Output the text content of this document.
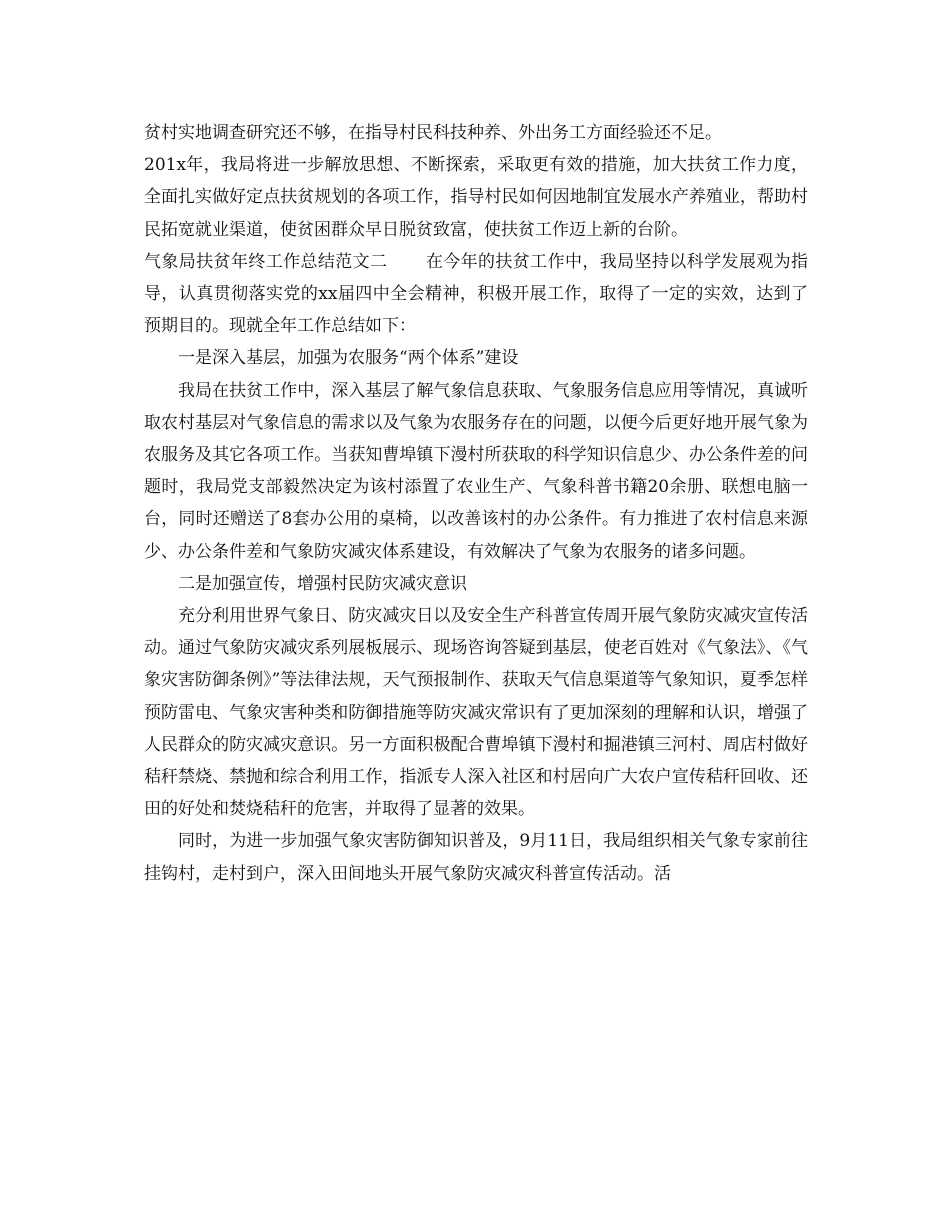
贫村实地调查研究还不够，在指导村民科技种养、外出务工方面经验还不足。

201x年，我局将进一步解放思想、不断探索，采取更有效的措施，加大扶贫工作力度，全面扎实做好定点扶贫规划的各项工作，指导村民如何因地制宜发展水产养殖业，帮助村民拓宽就业渠道，使贫困群众早日脱贫致富，使扶贫工作迈上新的台阶。

气象局扶贫年终工作总结范文二 在今年的扶贫工作中，我局坚持以科学发展观为指导，认真贯彻落实党的xx届四中全会精神，积极开展工作，取得了一定的实效，达到了预期目的。现就全年工作总结如下：

一是深入基层，加强为农服务“两个体系”建设

我局在扶贫工作中，深入基层了解气象信息获取、气象服务信息应用等情况，真诚听取农村基层对气象信息的需求以及气象为农服务存在的问题，以便今后更好地开展气象为农服务及其它各项工作。当获知曹埠镇下漫村所获取的科学知识信息少、办公条件差的问题时，我局党支部毅然决定为该村添置了农业生产、气象科普书籍20余册、联想电脑一台，同时还赠送了8套办公用的桌椅，以改善该村的办公条件。有力推进了农村信息来源少、办公条件差和气象防灾减灾体系建设，有效解决了气象为农服务的诸多问题。

二是加强宣传，增强村民防灾减灾意识

充分利用世界气象日、防灾减灾日以及安全生产科普宣传周开展气象防灾减灾宣传活动。通过气象防灾减灾系列展板展示、现场咨询答疑到基层，使老百姓对《气象法》、《气象灾害防御条例》”等法律法规，天气预报制作、获取天气信息渠道等气象知识，夏季怎样预防雷电、气象灾害种类和防御措施等防灾减灾常识有了更加深刻的理解和认识，增强了人民群众的防灾减灾意识。另一方面积极配合曹埠镇下漫村和掘港镇三河村、周店村做好秸秆禁烧、禁抛和综合利用工作，指派专人深入社区和村居向广大农户宣传秸秆回收、还田的好处和焚烧秸秆的危害，并取得了显著的效果。

同时，为进一步加强气象灾害防御知识普及，9月11日，我局组织相关气象专家前往挂钩村，走村到户，深入田间地头开展气象防灾减灾科普宣传活动。活
